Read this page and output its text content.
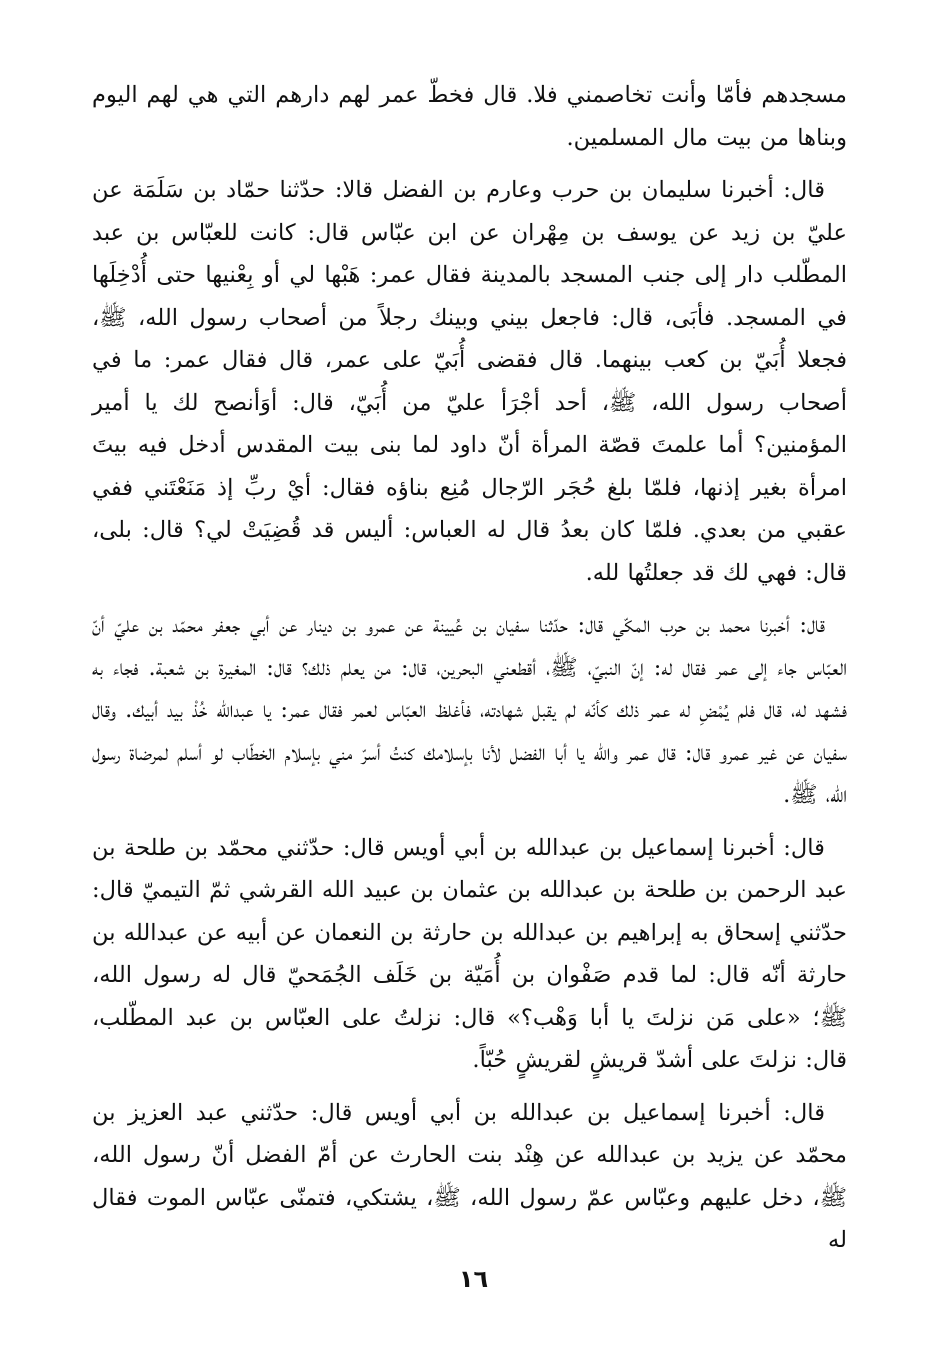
مسجدهم فأمّا وأنت تخاصمني فلا. قال فخطّ عمر لهم دارهم التي هي لهم اليوم وبناها من بيت مال المسلمين.

قال: أخبرنا سليمان بن حرب وعارم بن الفضل قالا: حدّثنا حمّاد بن سَلَمَة عن عليّ بن زيد عن يوسف بن مِهْران عن ابن عبّاس قال: كانت للعبّاس بن عبد المطّلب دار إلى جنب المسجد بالمدينة فقال عمر: هَبْها لي أو بِعْنيها حتى أُدْخِلَها في المسجد. فأبَى، قال: فاجعل بيني وبينك رجلاً من أصحاب رسول الله، ﷺ، فجعلا أُبَيّ بن كعب بينهما. قال فقضى أُبَيّ على عمر، قال فقال عمر: ما في أصحاب رسول الله، ﷺ، أحد أجْرَأ عليّ من أُبَيّ، قال: أوَأنصح لك يا أمير المؤمنين؟ أما علمتَ قصّة المرأة أنّ داود لما بنى بيت المقدس أدخل فيه بيتَ امرأة بغير إذنها، فلمّا بلغ حُجَر الرّجال مُنِع بناؤه فقال: أيْ ربِّ إذ مَنَعْتَني ففي عقبي من بعدي. فلمّا كان بعدُ قال له العباس: أليس قد قُضِيَتْ لي؟ قال: بلى، قال: فهي لك قد جعلتُها لله.

قال: أخبرنا محمد بن حرب المكّي قال: حدّثنا سفيان بن عُيينة عن عمرو بن دينار عن أبي جعفر محمّد بن عليّ أنّ العبّاس جاء إلى عمر فقال له: إنّ النبيّ، ﷺ، أقطعني البحرين، قال: من يعلم ذلك؟ قال: المغيرة بن شعبة. فجاء به فشهد له، قال فلم يُمْضِ له عمر ذلك كأنّه لم يقبل شهادته، فأغلظ العبّاس لعمر فقال عمر: يا عبدالله خُذْ بيد أبيك. وقال سفيان عن غير عمرو قال: قال عمر والله يا أبا الفضل لأنا بإسلامك كنتُ أسرّ مني بإسلام الخطّاب لو أسلم لمرضاة رسول الله، ﷺ.

قال: أخبرنا إسماعيل بن عبدالله بن أبي أويس قال: حدّثني محمّد بن طلحة بن عبد الرحمن بن طلحة بن عبدالله بن عثمان بن عبيد الله القرشي ثمّ التيميّ قال: حدّثني إسحاق به إبراهيم بن عبدالله بن حارثة بن النعمان عن أبيه عن عبدالله بن حارثة أنّه قال: لما قدم صَفْوان بن أُمَيّة بن خَلَف الجُمَحيّ قال له رسول الله، ﷺ؛ «على مَن نزلتَ يا أبا وَهْب؟» قال: نزلتُ على العبّاس بن عبد المطّلب، قال: نزلتَ على أشدّ قريشٍ لقريشٍ حُبّاً.

قال: أخبرنا إسماعيل بن عبدالله بن أبي أويس قال: حدّثني عبد العزيز بن محمّد عن يزيد بن عبدالله عن هِنْد بنت الحارث عن أمّ الفضل أنّ رسول الله، ﷺ، دخل عليهم وعبّاس عمّ رسول الله، ﷺ، يشتكي، فتمنّى عبّاس الموت فقال له

١٦
